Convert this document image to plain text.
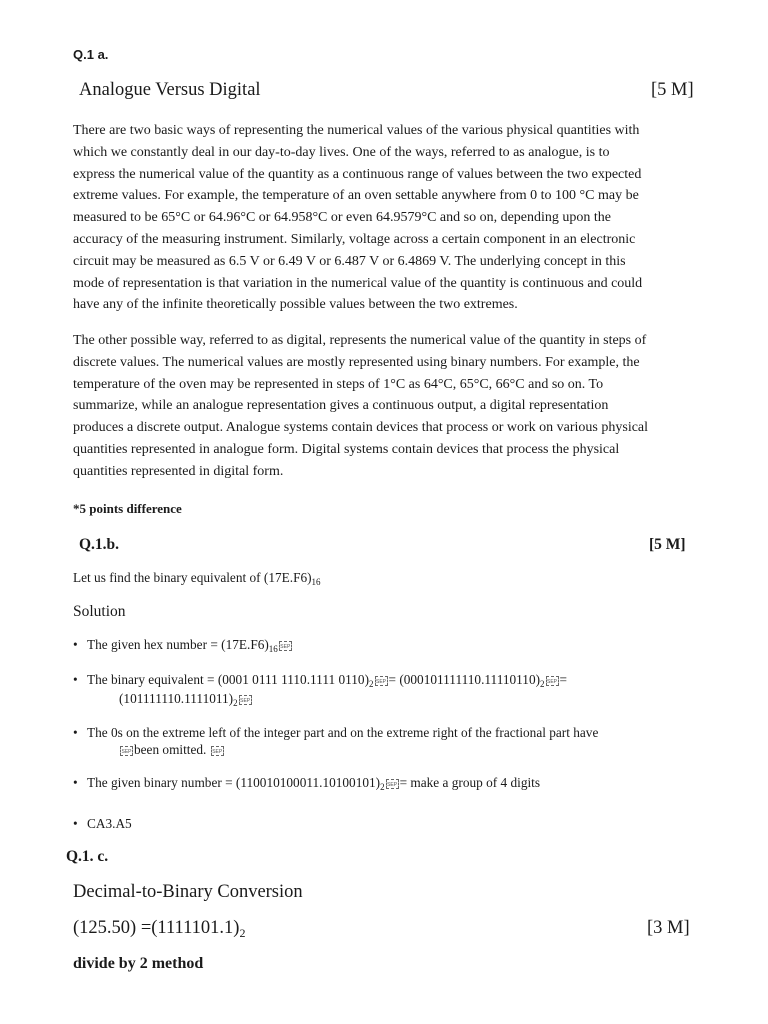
Q.1 a.
Analogue Versus Digital	[5 M]
There are two basic ways of representing the numerical values of the various physical quantities with
which we constantly deal in our day-to-day lives. One of the ways, referred to as analogue, is to
express the numerical value of the quantity as a continuous range of values between the two expected
extreme values. For example, the temperature of an oven settable anywhere from 0 to 100 °C may be
measured to be 65°C or 64.96°C or 64.958°C or even 64.9579°C and so on, depending upon the
accuracy of the measuring instrument. Similarly, voltage across a certain component in an electronic
circuit may be measured as 6.5 V or 6.49 V or 6.487 V or 6.4869 V. The underlying concept in this
mode of representation is that variation in the numerical value of the quantity is continuous and could
have any of the infinite theoretically possible values between the two extremes.
The other possible way, referred to as digital, represents the numerical value of the quantity in steps of
discrete values. The numerical values are mostly represented using binary numbers. For example, the
temperature of the oven may be represented in steps of 1°C as 64°C, 65°C, 66°C and so on. To
summarize, while an analogue representation gives a continuous output, a digital representation
produces a discrete output. Analogue systems contain devices that process or work on various physical
quantities represented in analogue form. Digital systems contain devices that process the physical
quantities represented in digital form.
*5 points difference
Q.1.b.	[5 M]
Let us find the binary equivalent of $(17E.F6)_{16}$
Solution
• The given hex number = $(17E.F6)_{16}$ SEP
• The binary equivalent = (0001 0111 1110.1111 $0110)_2$ SEP = $(000101111110.11110110)_2$ SEP =
$(101111110.1111011)_2$ SEP
• The 0s on the extreme left of the integer part and on the extreme right of the fractional part have
SEP been omitted. SEP
• The given binary number = $(110010100011.10100101)_2$ SEP = make a group of 4 digits
• CA3.A5
Q.1. c.
Decimal-to-Binary Conversion
$(125.50) =(1111101.1)_2$	[3 M]
divide by 2 method
